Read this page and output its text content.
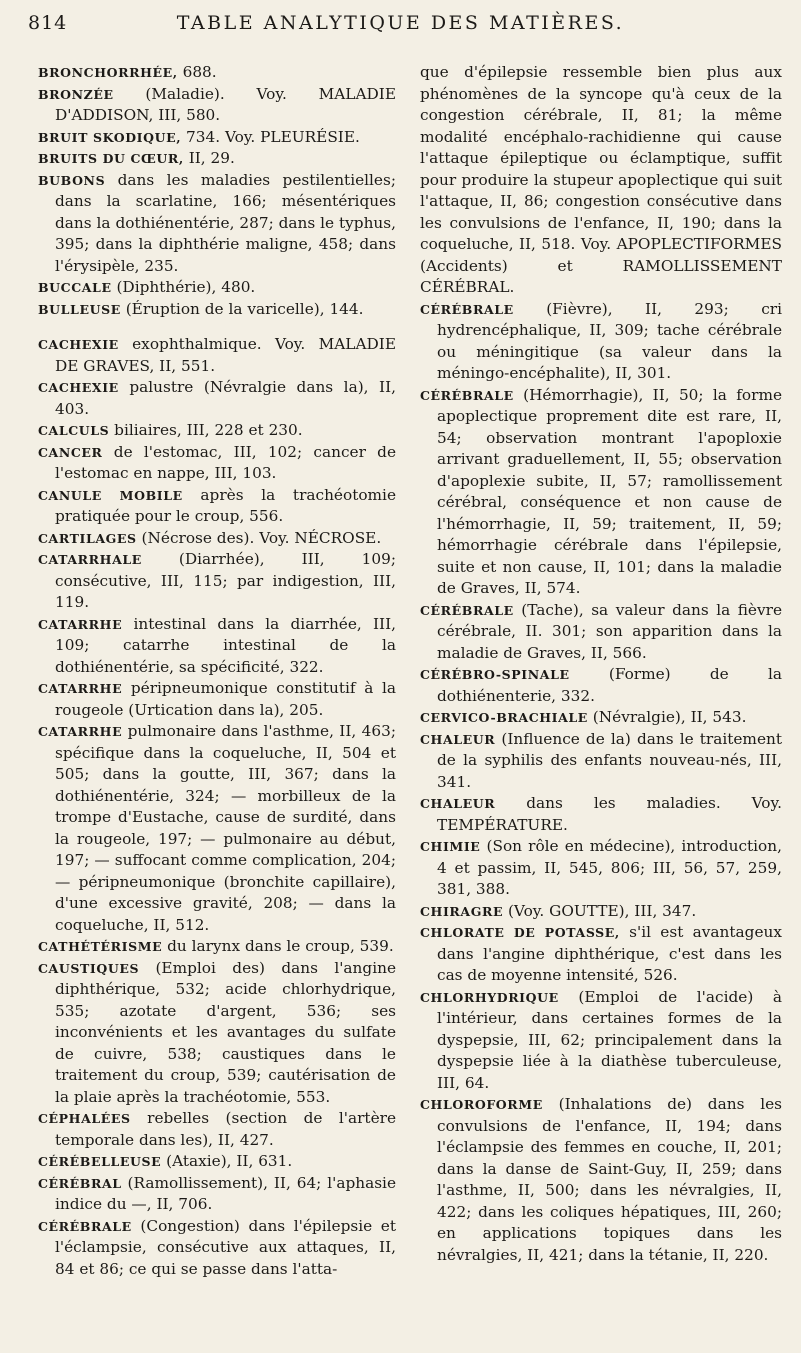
TABLE ANALYTIQUE DES MATIÈRES.
814

BRONCHORRHÉE, 688.

BRONZÉE (Maladie). Voy. MALADIE D'ADDISON, III, 580.

BRUIT SKODIQUE, 734. Voy. PLEURÉSIE.

BRUITS DU CŒUR, II, 29.

BUBONS dans les maladies pestilentielles; dans la scarlatine, 166; mésentériques dans la dothiénentérie, 287; dans le typhus, 395; dans la diphthérie maligne, 458; dans l'érysipèle, 235.

BUCCALE (Diphthérie), 480.

BULLEUSE (Éruption de la varicelle), 144.

CACHEXIE exophthalmique. Voy. MALADIE DE GRAVES, II, 551.

CACHEXIE palustre (Névralgie dans la), II, 403.

CALCULS biliaires, III, 228 et 230.

CANCER de l'estomac, III, 102; cancer de l'estomac en nappe, III, 103.

CANULE MOBILE après la trachéotomie pratiquée pour le croup, 556.

CARTILAGES (Nécrose des). Voy. NÉCROSE.

CATARRHALE (Diarrhée), III, 109; consécutive, III, 115; par indigestion, III, 119.

CATARRHE intestinal dans la diarrhée, III, 109; catarrhe intestinal de la dothiénentérie, sa spécificité, 322.

CATARRHE péripneumonique constitutif à la rougeole (Urtication dans la), 205.

CATARRHE pulmonaire dans l'asthme, II, 463; spécifique dans la coqueluche, II, 504 et 505; dans la goutte, III, 367; dans la dothiénentérie, 324; — morbilleux de la trompe d'Eustache, cause de surdité, dans la rougeole, 197; — pulmonaire au début, 197; — suffocant comme complication, 204; — péripneumonique (bronchite capillaire), d'une excessive gravité, 208; — dans la coqueluche, II, 512.

CATHÉTÉRISME du larynx dans le croup, 539.

CAUSTIQUES (Emploi des) dans l'angine diphthérique, 532; acide chlorhydrique, 535; azotate d'argent, 536; ses inconvénients et les avantages du sulfate de cuivre, 538; caustiques dans le traitement du croup, 539; cautérisation de la plaie après la trachéotomie, 553.

CÉPHALÉES rebelles (section de l'artère temporale dans les), II, 427.

CÉRÉBELLEUSE (Ataxie), II, 631.

CÉRÉBRAL (Ramollissement), II, 64; l'aphasie indice du —, II, 706.

CÉRÉBRALE (Congestion) dans l'épilepsie et l'éclampsie, consécutive aux attaques, II, 84 et 86; ce qui se passe dans l'atta-

que d'épilepsie ressemble bien plus aux phénomènes de la syncope qu'à ceux de la congestion cérébrale, II, 81; la même modalité encéphalo-rachidienne qui cause l'attaque épileptique ou éclamptique, suffit pour produire la stupeur apoplectique qui suit l'attaque, II, 86; congestion consécutive dans les convulsions de l'enfance, II, 190; dans la coqueluche, II, 518. Voy. APOPLECTIFORMES (Accidents) et RAMOLLISSEMENT CÉRÉBRAL.

CÉRÉBRALE (Fièvre), II, 293; cri hydrencéphalique, II, 309; tache cérébrale ou méningitique (sa valeur dans la méningo-encéphalite), II, 301.

CÉRÉBRALE (Hémorrhagie), II, 50; la forme apoplectique proprement dite est rare, II, 54; observation montrant l'apoploxie arrivant graduellement, II, 55; observation d'apoplexie subite, II, 57; ramollissement cérébral, conséquence et non cause de l'hémorrhagie, II, 59; traitement, II, 59; hémorrhagie cérébrale dans l'épilepsie, suite et non cause, II, 101; dans la maladie de Graves, II, 574.

CÉRÉBRALE (Tache), sa valeur dans la fièvre cérébrale, II. 301; son apparition dans la maladie de Graves, II, 566.

CÉRÉBRO-SPINALE (Forme) de la dothiénenterie, 332.

CERVICO-BRACHIALE (Névralgie), II, 543.

CHALEUR (Influence de la) dans le traitement de la syphilis des enfants nouveau-nés, III, 341.

CHALEUR dans les maladies. Voy. TEMPÉRATURE.

CHIMIE (Son rôle en médecine), introduction, 4 et passim, II, 545, 806; III, 56, 57, 259, 381, 388.

CHIRAGRE (Voy. GOUTTE), III, 347.

CHLORATE DE POTASSE, s'il est avantageux dans l'angine diphthérique, c'est dans les cas de moyenne intensité, 526.

CHLORHYDRIQUE (Emploi de l'acide) à l'intérieur, dans certaines formes de la dyspepsie, III, 62; principalement dans la dyspepsie liée à la diathèse tuberculeuse, III, 64.

CHLOROFORME (Inhalations de) dans les convulsions de l'enfance, II, 194; dans l'éclampsie des femmes en couche, II, 201; dans la danse de Saint-Guy, II, 259; dans l'asthme, II, 500; dans les névralgies, II, 422; dans les coliques hépatiques, III, 260; en applications topiques dans les névralgies, II, 421; dans la tétanie, II, 220.
